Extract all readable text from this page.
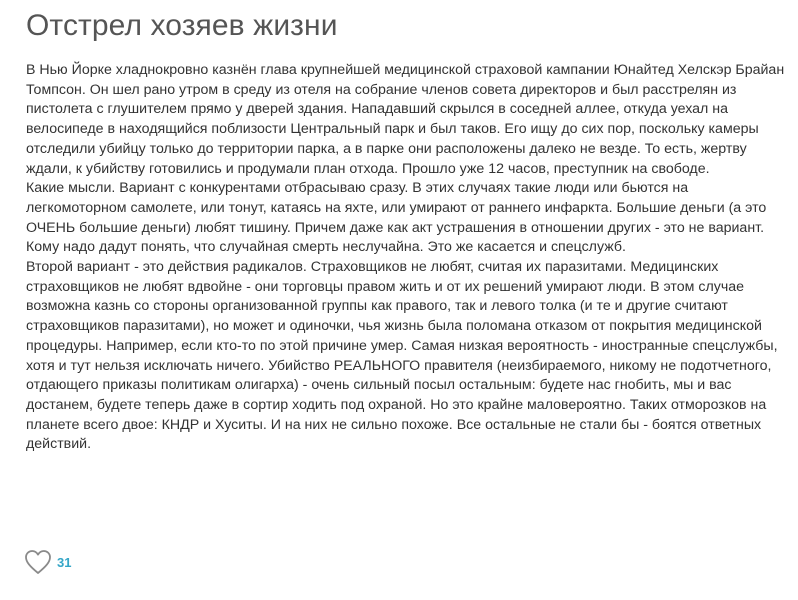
Отстрел хозяев жизни

В Нью Йорке хладнокровно казнён глава крупнейшей медицинской страховой кампании Юнайтед Хелскэр Брайан Томпсон. Он шел рано утром в среду из отеля на собрание членов совета директоров и был расстрелян из пистолета с глушителем прямо у дверей здания. Нападавший скрылся в соседней аллее, откуда уехал на велосипеде в находящийся поблизости Центральный парк и был таков. Его ищу до сих пор, поскольку камеры отследили убийцу только до территории парка, а в парке они расположены далеко не везде. То есть, жертву ждали, к убийству готовились и продумали план отхода. Прошло уже 12 часов, преступник на свободе.

Какие мысли. Вариант с конкурентами отбрасываю сразу. В этих случаях такие люди или бьются на легкомоторном самолете, или тонут, катаясь на яхте, или умирают от раннего инфаркта. Большие деньги (а это ОЧЕНЬ большие деньги) любят тишину. Причем даже как акт устрашения в отношении других - это не вариант. Кому надо дадут понять, что случайная смерть неслучайна. Это же касается и спецслужб.

Второй вариант - это действия радикалов. Страховщиков не любят, считая их паразитами. Медицинских страховщиков не любят вдвойне - они торговцы правом жить и от их решений умирают люди. В этом случае возможна казнь со стороны организованной группы как правого, так и левого толка (и те и другие считают страховщиков паразитами), но может и одиночки, чья жизнь была поломана отказом от покрытия медицинской процедуры. Например, если кто-то по этой причине умер. Самая низкая вероятность - иностранные спецслужбы, хотя и тут нельзя исключать ничего. Убийство РЕАЛЬНОГО правителя (неизбираемого, никому не подотчетного, отдающего приказы политикам олигарха) - очень сильный посыл остальным: будете нас гнобить, мы и вас достанем, будете теперь даже в сортир ходить под охраной. Но это крайне маловероятно. Таких отморозков на планете всего двое: КНДР и Хуситы. И на них не сильно похоже. Все остальные не стали бы - боятся ответных действий.

31
